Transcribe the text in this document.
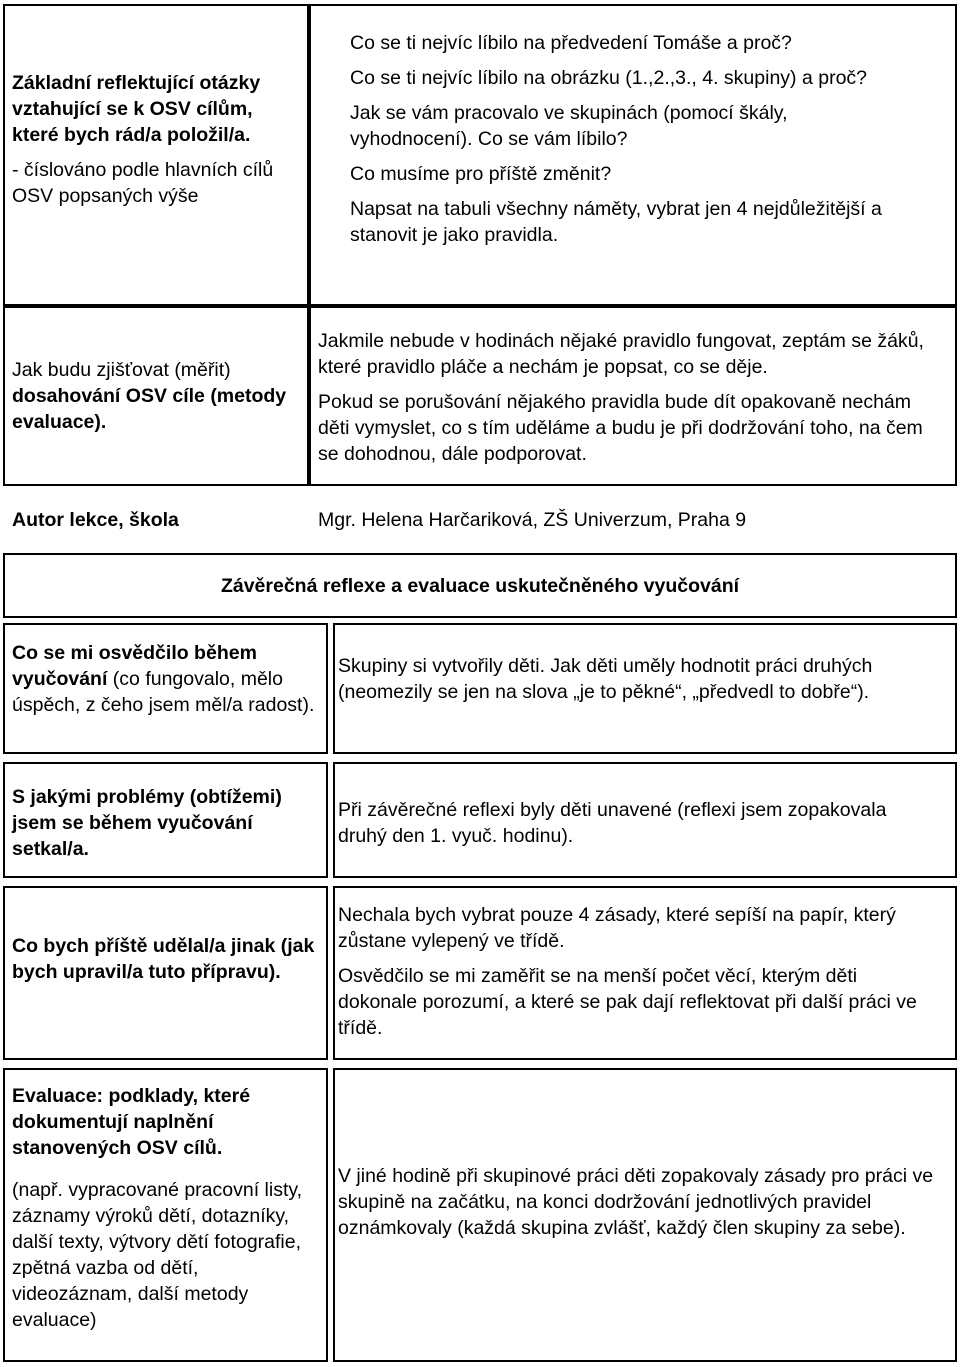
Základní reflektující otázky vztahující se k OSV cílům, které bych rád/a položil/a.

- číslováno podle hlavních cílů OSV popsaných výše

Co se ti nejvíc líbilo na předvedení Tomáše a proč?

Co se ti nejvíc líbilo na obrázku (1.,2.,3., 4. skupiny) a proč?

Jak se vám pracovalo ve skupinách (pomocí škály, vyhodnocení). Co se vám líbilo?

Co musíme pro příště změnit?

Napsat na tabuli všechny náměty, vybrat jen 4 nejdůležitější a stanovit je jako pravidla.

Jak budu zjišťovat (měřit)

dosahování OSV cíle (metody evaluace).

Jakmile nebude v hodinách nějaké pravidlo fungovat, zeptám se žáků, které pravidlo pláče a nechám je popsat, co se děje.

Pokud se porušování nějakého pravidla bude dít opakovaně nechám děti vymyslet, co s tím uděláme a budu je při dodržování toho, na čem se dohodnou, dále podporovat.

Autor lekce, škola	Mgr. Helena Harčariková, ZŠ Univerzum, Praha 9
Závěrečná reflexe a evaluace uskutečněného vyučování

Co se mi osvědčilo během vyučování (co fungovalo, mělo úspěch, z čeho jsem měl/a radost).

Skupiny si vytvořily děti. Jak děti uměly hodnotit práci druhých (neomezily se jen na slova „je to pěkné“, „předvedl to dobře“).

S jakými problémy (obtížemi) jsem se během vyučování setkal/a.

Při závěrečné reflexi byly děti unavené (reflexi jsem zopakovala druhý den 1. vyuč. hodinu).

Co bych příště udělal/a jinak (jak bych upravil/a tuto přípravu).

Nechala bych vybrat pouze 4 zásady, které sepíší na papír, který zůstane vylepený ve třídě.

Osvědčilo se mi zaměřit se na menší počet věcí, kterým děti dokonale porozumí, a které se pak dají reflektovat při další práci ve třídě.

Evaluace: podklady, které dokumentují naplnění stanovených OSV cílů.

(např. vypracované pracovní listy, záznamy výroků dětí, dotazníky, další texty, výtvory dětí fotografie, zpětná vazba od dětí, videozáznam, další metody evaluace)

V jiné hodině při skupinové práci děti zopakovaly zásady pro práci ve skupině na začátku, na konci dodržování jednotlivých pravidel oznámkovaly (každá skupina zvlášť, každý člen skupiny za sebe).
